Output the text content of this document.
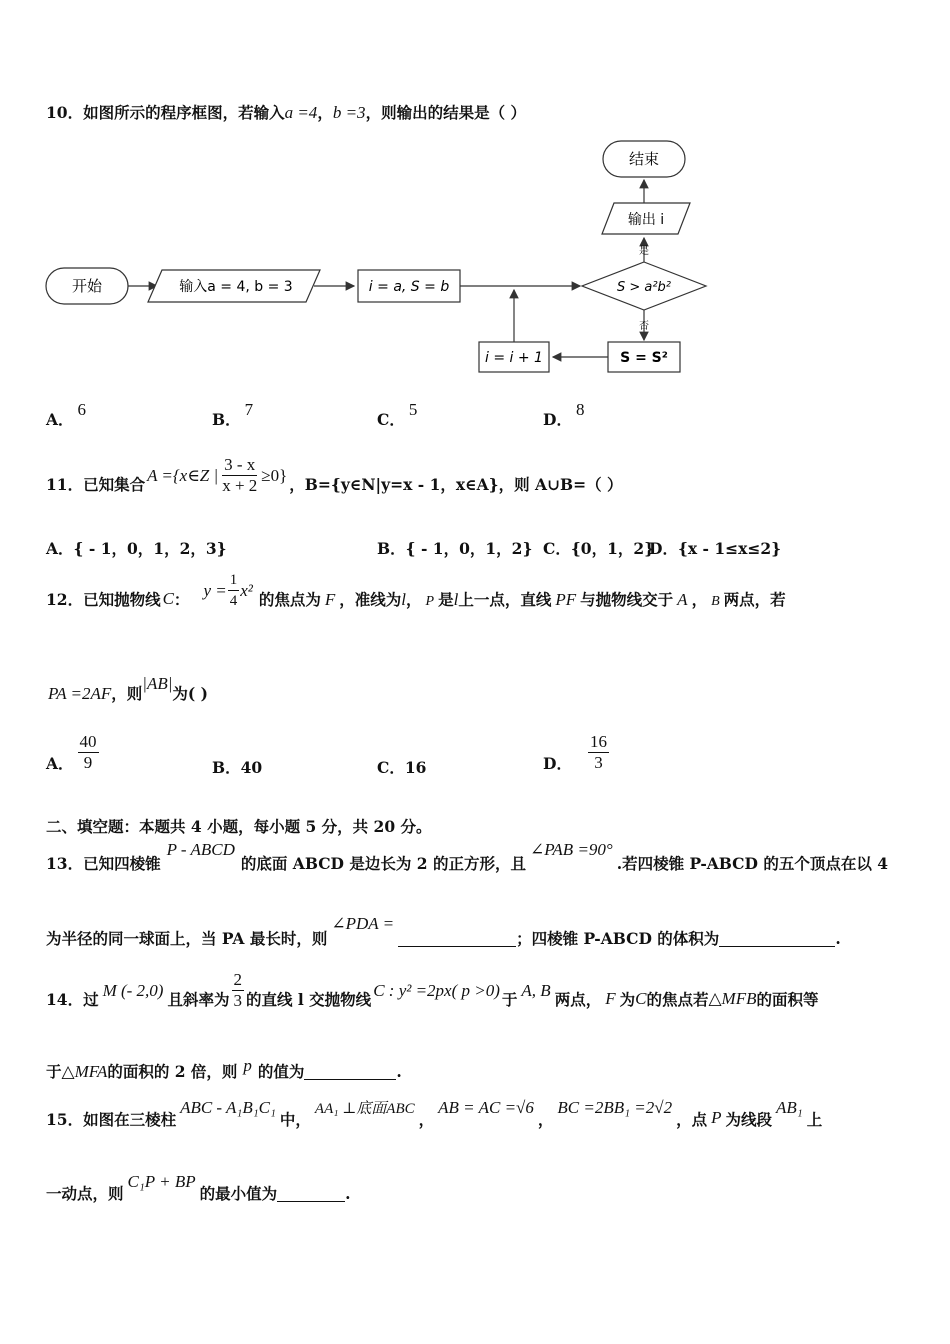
10．如图所示的程序框图，若输入a =4，b =3，则输出的结果是（ ）
开始	输入a = 4, b = 3	i = a, S = b	S > a²b²
是
输出 i
结束
否
S = S²
i = i + 1
A．6
B．7
C．5
D．8
11．已知集合 A ={x∈Z | $\frac{3 - x}{x + 2} \ge 0$} ，B={y∈N|y=x - 1，x∈A}，则 A∪B=（ ）
A．{ - 1，0，1，2，3}	B．{ - 1，0，1，2} C．{0，1，2}
D．{x - 1≤x≤2}
12．已知抛物线 C ： $y = \frac{1}{4} x^2$ 的焦点为 F ，准线为l， P 是l上一点，直线 PF 与抛物线交于 A ， B 两点，若
PA =2AF，则|AB|为( )
A． $\frac{40}{9}$	B．40	C．16	D． $\frac{16}{3}$
二、填空题：本题共 4 小题，每小题 5 分，共 20 分。
13．已知四棱锥P - ABCD的底面 ABCD 是边长为 2 的正方形，且∠PAB =90°.若四棱锥 P-ABCD 的五个顶点在以 4
为半径的同一球面上，当 PA 最长时，则∠PDA =；四棱锥 P-ABCD 的体积为	.
14．过 M (- 2,0) 且斜率为 $\frac{2}{3}$ 的直线 l 交抛物线 C : y² =2px( p >0) 于 A, B 两点， F 为 C 的焦点若 △MFB 的面积等
于△MFA的面积的 2 倍，则 p 的值为	.
15．如图在三棱柱ABC - A₁B₁C₁中，AA₁ ⊥底面ABC，AB = AC =√6，BC =2BB₁ =2√2，点 P 为线段AB₁上
一动点，则C₁P + BP的最小值为	.
